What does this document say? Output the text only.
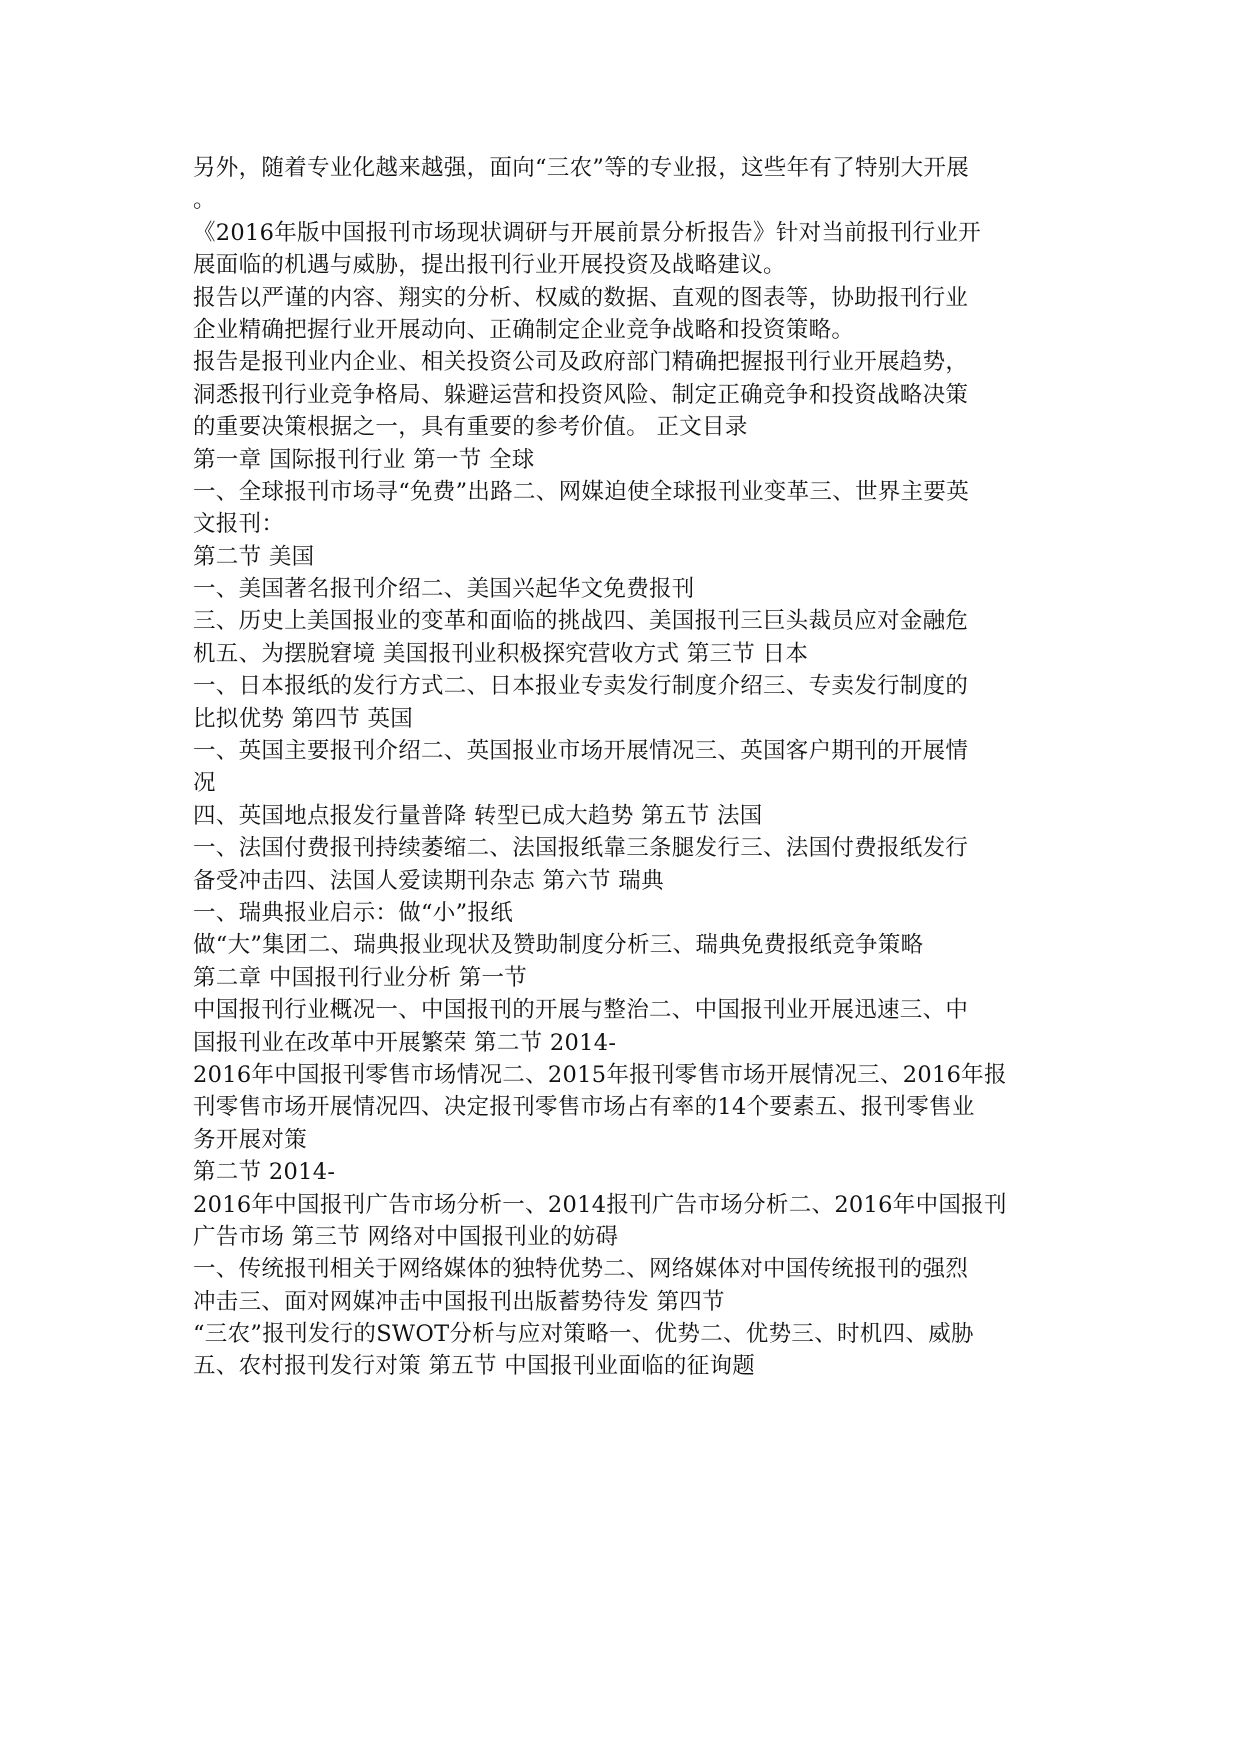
另外，随着专业化越来越强，面向“三农”等的专业报，这些年有了特别大开展
。
《2016年版中国报刊市场现状调研与开展前景分析报告》针对当前报刊行业开
展面临的机遇与威胁，提出报刊行业开展投资及战略建议。
报告以严谨的内容、翔实的分析、权威的数据、直观的图表等，协助报刊行业
企业精确把握行业开展动向、正确制定企业竞争战略和投资策略。
报告是报刊业内企业、相关投资公司及政府部门精确把握报刊行业开展趋势，
洞悉报刊行业竞争格局、躲避运营和投资风险、制定正确竞争和投资战略决策
的重要决策根据之一，具有重要的参考价值。 正文目录
第一章 国际报刊行业 第一节 全球
一、全球报刊市场寻“免费”出路二、网媒迫使全球报刊业变革三、世界主要英
文报刊：
第二节 美国
一、美国著名报刊介绍二、美国兴起华文免费报刊
三、历史上美国报业的变革和面临的挑战四、美国报刊三巨头裁员应对金融危
机五、为摆脱窘境 美国报刊业积极探究营收方式 第三节 日本
一、日本报纸的发行方式二、日本报业专卖发行制度介绍三、专卖发行制度的
比拟优势 第四节 英国
一、英国主要报刊介绍二、英国报业市场开展情况三、英国客户期刊的开展情
况
四、英国地点报发行量普降 转型已成大趋势 第五节 法国
一、法国付费报刊持续萎缩二、法国报纸靠三条腿发行三、法国付费报纸发行
备受冲击四、法国人爱读期刊杂志 第六节 瑞典
一、瑞典报业启示：做“小”报纸
做“大”集团二、瑞典报业现状及赞助制度分析三、瑞典免费报纸竞争策略
第二章 中国报刊行业分析 第一节
中国报刊行业概况一、中国报刊的开展与整治二、中国报刊业开展迅速三、中
国报刊业在改革中开展繁荣 第二节 2014-
2016年中国报刊零售市场情况二、2015年报刊零售市场开展情况三、2016年报
刊零售市场开展情况四、决定报刊零售市场占有率的14个要素五、报刊零售业
务开展对策
第二节 2014-
2016年中国报刊广告市场分析一、2014报刊广告市场分析二、2016年中国报刊
广告市场 第三节 网络对中国报刊业的妨碍
一、传统报刊相关于网络媒体的独特优势二、网络媒体对中国传统报刊的强烈
冲击三、面对网媒冲击中国报刊出版蓄势待发 第四节
“三农”报刊发行的SWOT分析与应对策略一、优势二、优势三、时机四、威胁
五、农村报刊发行对策 第五节 中国报刊业面临的征询题
